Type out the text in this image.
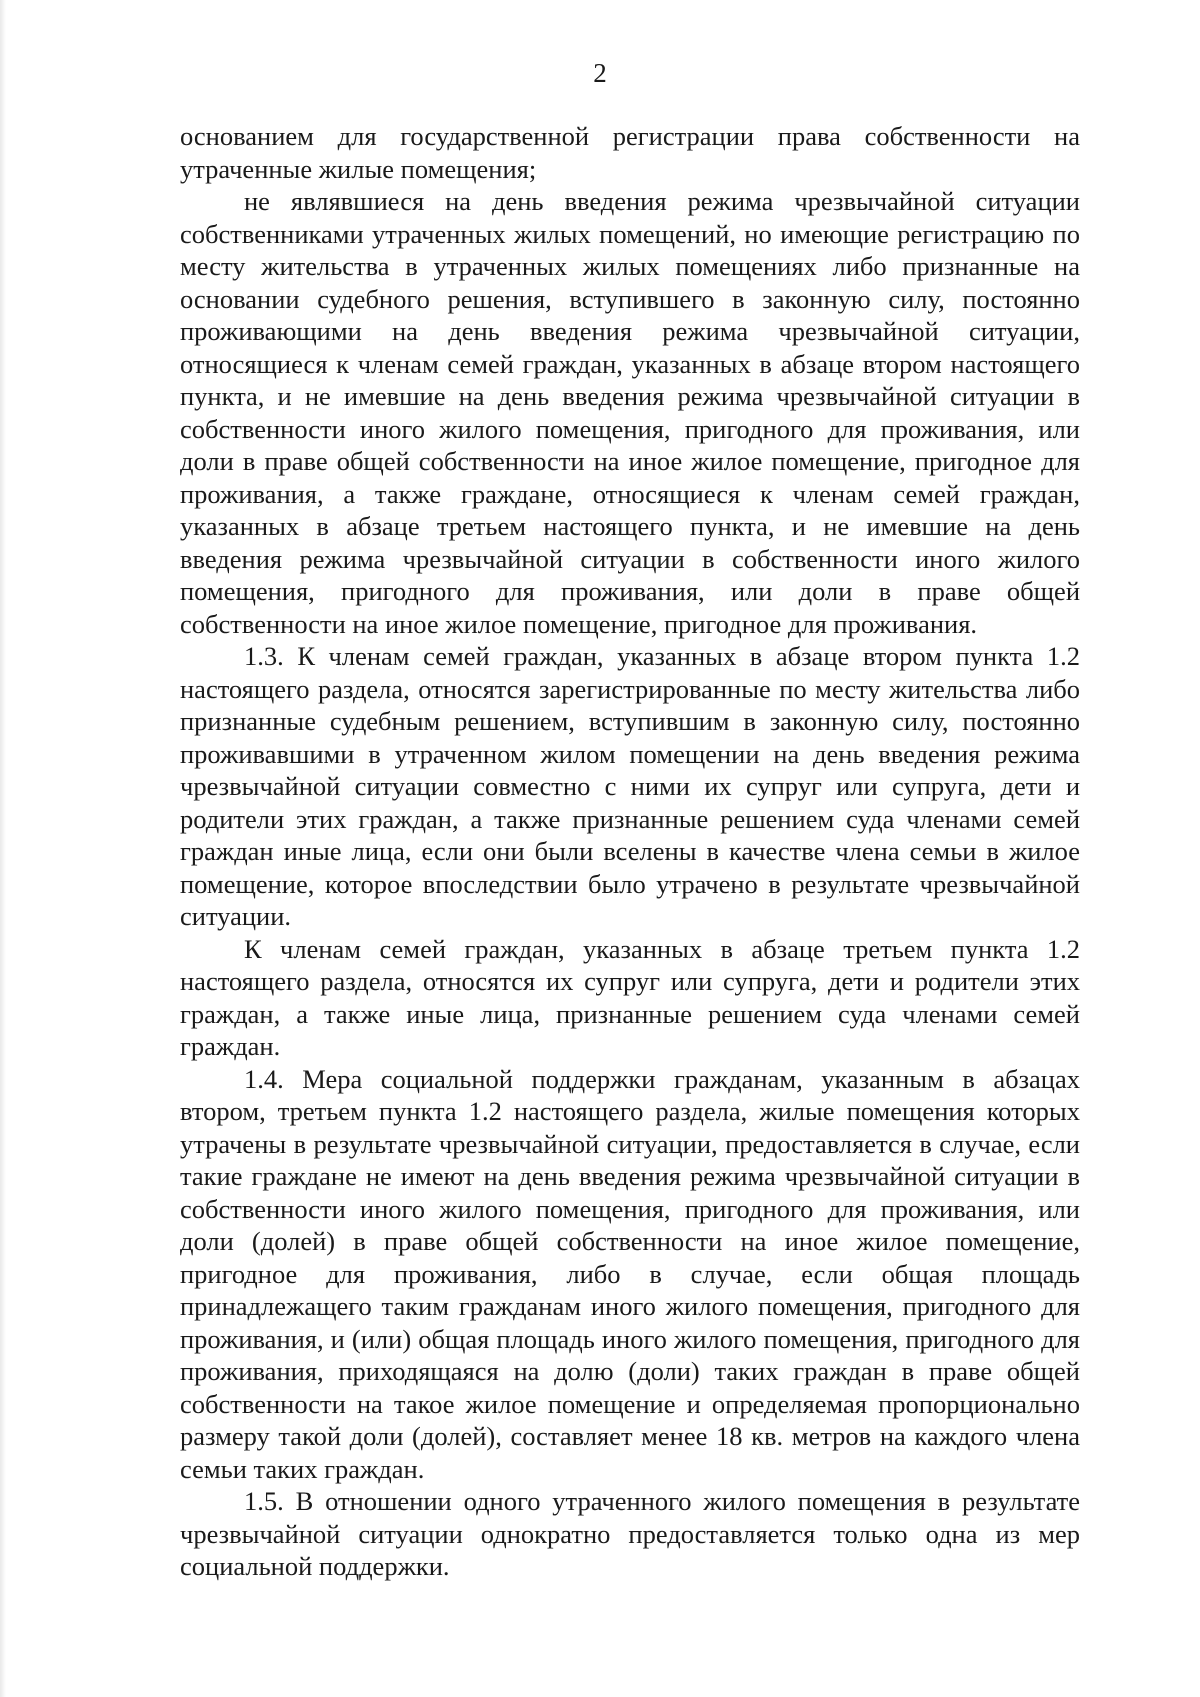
2

основанием для государственной регистрации права собственности на утраченные жилые помещения;

не являвшиеся на день введения режима чрезвычайной ситуации собственниками утраченных жилых помещений, но имеющие регистрацию по месту жительства в утраченных жилых помещениях либо признанные на основании судебного решения, вступившего в законную силу, постоянно проживающими на день введения режима чрезвычайной ситуации, относящиеся к членам семей граждан, указанных в абзаце втором настоящего пункта, и не имевшие на день введения режима чрезвычайной ситуации в собственности иного жилого помещения, пригодного для проживания, или доли в праве общей собственности на иное жилое помещение, пригодное для проживания, а также граждане, относящиеся к членам семей граждан, указанных в абзаце третьем настоящего пункта, и не имевшие на день введения режима чрезвычайной ситуации в собственности иного жилого помещения, пригодного для проживания, или доли в праве общей собственности на иное жилое помещение, пригодное для проживания.

1.3. К членам семей граждан, указанных в абзаце втором пункта 1.2 настоящего раздела, относятся зарегистрированные по месту жительства либо признанные судебным решением, вступившим в законную силу, постоянно проживавшими в утраченном жилом помещении на день введения режима чрезвычайной ситуации совместно с ними их супруг или супруга, дети и родители этих граждан, а также признанные решением суда членами семей граждан иные лица, если они были вселены в качестве члена семьи в жилое помещение, которое впоследствии было утрачено в результате чрезвычайной ситуации.

К членам семей граждан, указанных в абзаце третьем пункта 1.2 настоящего раздела, относятся их супруг или супруга, дети и родители этих граждан, а также иные лица, признанные решением суда членами семей граждан.

1.4. Мера социальной поддержки гражданам, указанным в абзацах втором, третьем пункта 1.2 настоящего раздела, жилые помещения которых утрачены в результате чрезвычайной ситуации, предоставляется в случае, если такие граждане не имеют на день введения режима чрезвычайной ситуации в собственности иного жилого помещения, пригодного для проживания, или доли (долей) в праве общей собственности на иное жилое помещение, пригодное для проживания, либо в случае, если общая площадь принадлежащего таким гражданам иного жилого помещения, пригодного для проживания, и (или) общая площадь иного жилого помещения, пригодного для проживания, приходящаяся на долю (доли) таких граждан в праве общей собственности на такое жилое помещение и определяемая пропорционально размеру такой доли (долей), составляет менее 18 кв. метров на каждого члена семьи таких граждан.

1.5. В отношении одного утраченного жилого помещения в результате чрезвычайной ситуации однократно предоставляется только одна из мер социальной поддержки.
